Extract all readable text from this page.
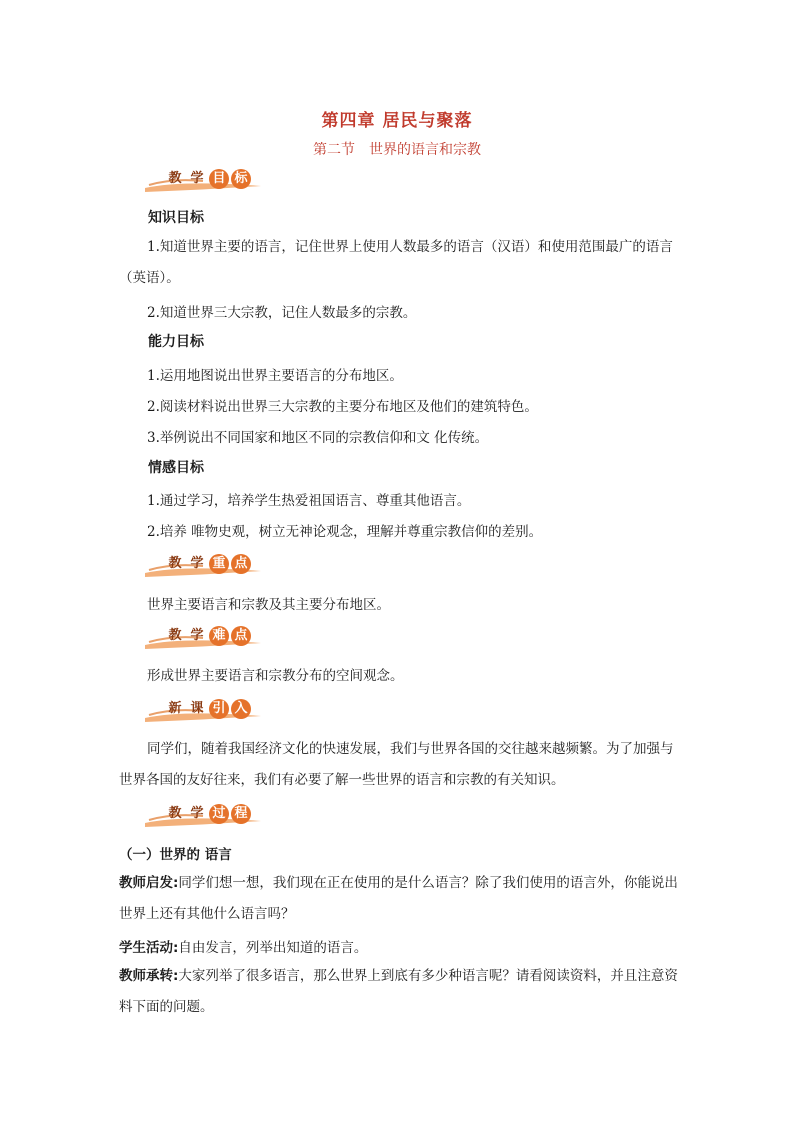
第四章 居民与聚落
第二节　世界的语言和宗教
教 学 目 标
知识目标
1.知道世界主要的语言，记住世界上使用人数最多的语言（汉语）和使用范围最广的语言（英语）。
2.知道世界三大宗教，记住人数最多的宗教。
能力目标
1.运用地图说出世界主要语言的分布地区。
2.阅读材料说出世界三大宗教的主要分布地区及他们的建筑特色。
3.举例说出不同国家和地区不同的宗教信仰和文 化传统。
情感目标
1.通过学习，培养学生热爱祖国语言、尊重其他语言。
2.培养 唯物史观，树立无神论观念，理解并尊重宗教信仰的差别。
教 学 重 点
世界主要语言和宗教及其主要分布地区。
教 学 难 点
形成世界主要语言和宗教分布的空间观念。
新 课 引 入
同学们，随着我国经济文化的快速发展，我们与世界各国的交往越来越频繁。为了加强与世界各国的友好往来，我们有必要了解一些世界的语言和宗教的有关知识。
教 学 过 程
（一）世界的 语言
教师启发:同学们想一想，我们现在正在使用的是什么语言？除了我们使用的语言外，你能说出世界上还有其他什么语言吗？
学生活动:自由发言，列举出知道的语言。
教师承转:大家列举了很多语言，那么世界上到底有多少种语言呢？请看阅读资料，并且注意资料下面的问题。
